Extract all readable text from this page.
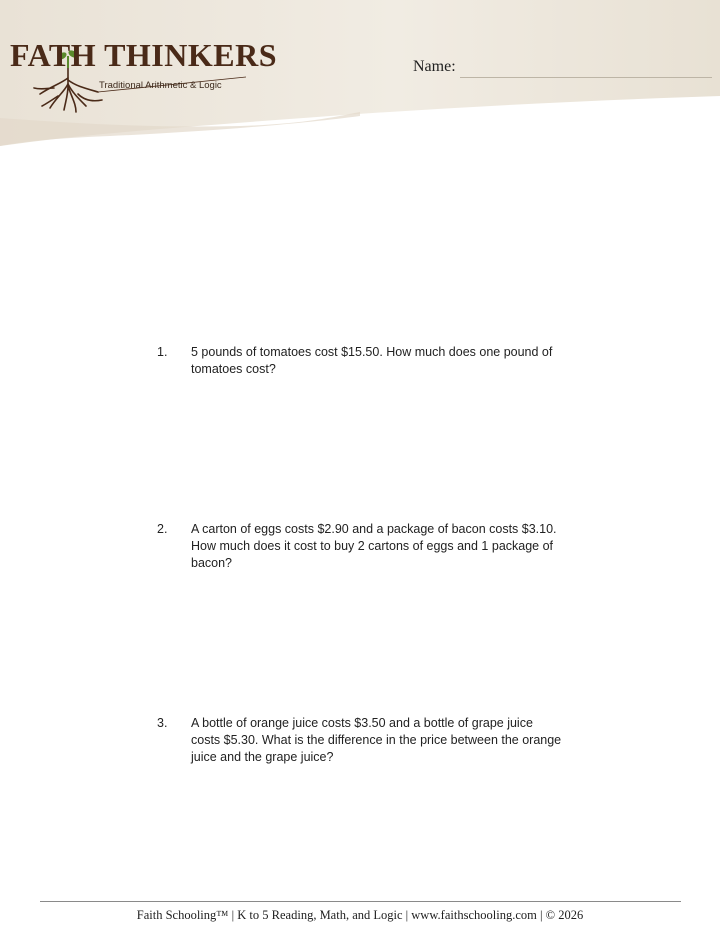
FATH THINKERS
Traditional Arithmetic & Logic
Name:
1.	5 pounds of tomatoes cost $15.50. How much does one pound of tomatoes cost?
2.	A carton of eggs costs $2.90 and a package of bacon costs $3.10. How much does it cost to buy 2 cartons of eggs and 1 package of bacon?
3.	A bottle of orange juice costs $3.50 and a bottle of grape juice costs $5.30. What is the difference in the price between the orange juice and the grape juice?
Faith Schooling™ | K to 5 Reading, Math, and Logic | www.faithschooling.com | © 2026
